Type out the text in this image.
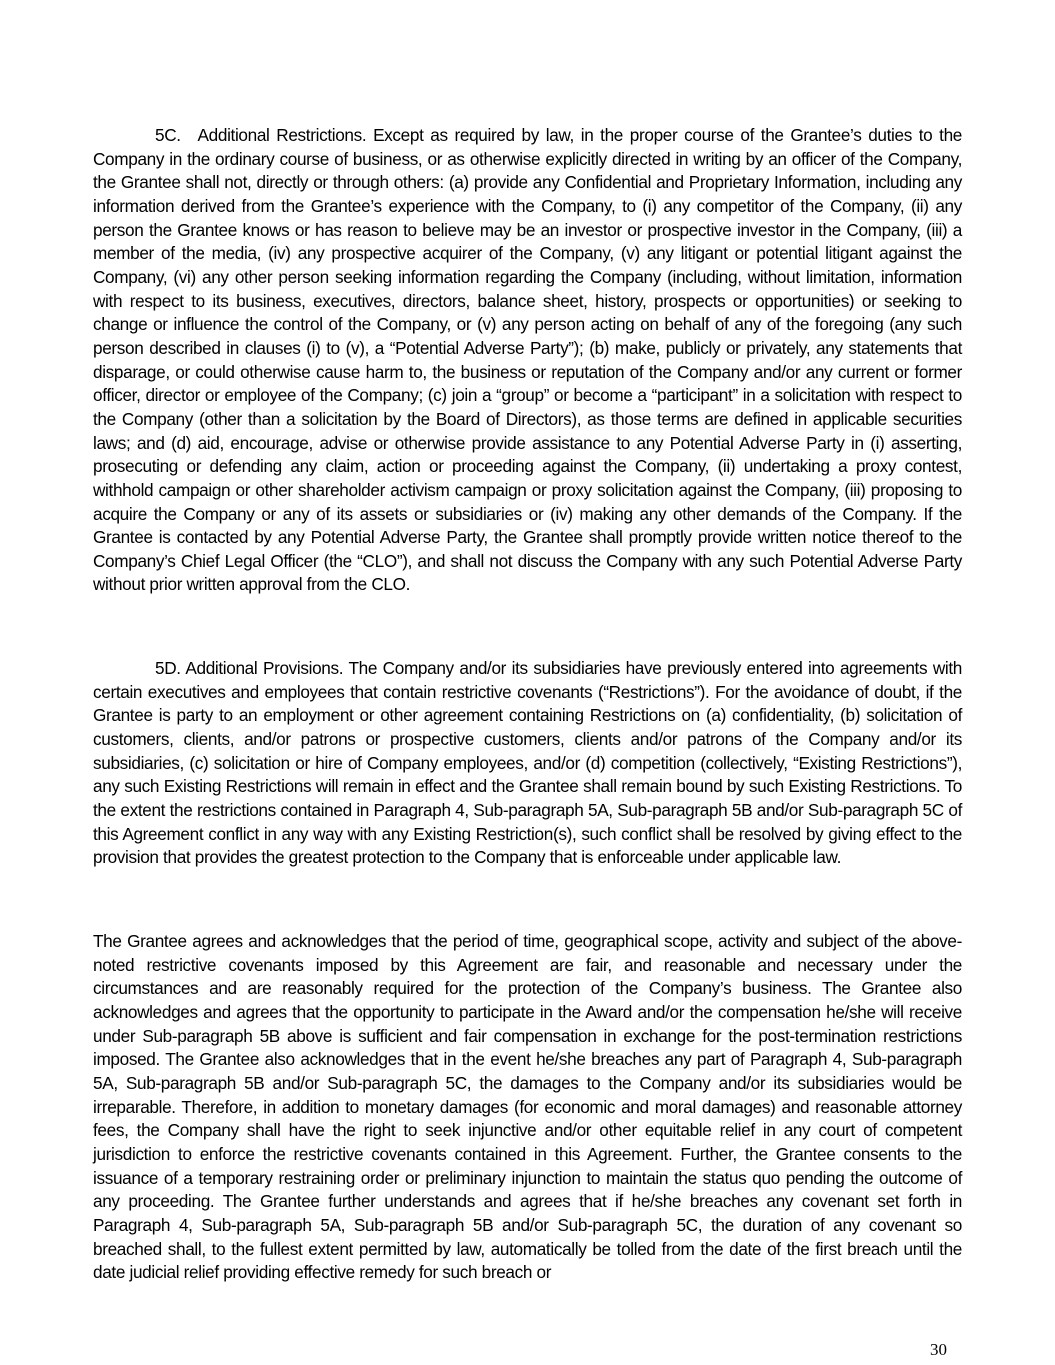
5C. Additional Restrictions. Except as required by law, in the proper course of the Grantee’s duties to the Company in the ordinary course of business, or as otherwise explicitly directed in writing by an officer of the Company, the Grantee shall not, directly or through others: (a) provide any Confidential and Proprietary Information, including any information derived from the Grantee’s experience with the Company, to (i) any competitor of the Company, (ii) any person the Grantee knows or has reason to believe may be an investor or prospective investor in the Company, (iii) a member of the media, (iv) any prospective acquirer of the Company, (v) any litigant or potential litigant against the Company, (vi) any other person seeking information regarding the Company (including, without limitation, information with respect to its business, executives, directors, balance sheet, history, prospects or opportunities) or seeking to change or influence the control of the Company, or (v) any person acting on behalf of any of the foregoing (any such person described in clauses (i) to (v), a “Potential Adverse Party”); (b) make, publicly or privately, any statements that disparage, or could otherwise cause harm to, the business or reputation of the Company and/or any current or former officer, director or employee of the Company; (c) join a “group” or become a “participant” in a solicitation with respect to the Company (other than a solicitation by the Board of Directors), as those terms are defined in applicable securities laws; and (d) aid, encourage, advise or otherwise provide assistance to any Potential Adverse Party in (i) asserting, prosecuting or defending any claim, action or proceeding against the Company, (ii) undertaking a proxy contest, withhold campaign or other shareholder activism campaign or proxy solicitation against the Company, (iii) proposing to acquire the Company or any of its assets or subsidiaries or (iv) making any other demands of the Company. If the Grantee is contacted by any Potential Adverse Party, the Grantee shall promptly provide written notice thereof to the Company’s Chief Legal Officer (the “CLO”), and shall not discuss the Company with any such Potential Adverse Party without prior written approval from the CLO.

5D. Additional Provisions. The Company and/or its subsidiaries have previously entered into agreements with certain executives and employees that contain restrictive covenants (“Restrictions”). For the avoidance of doubt, if the Grantee is party to an employment or other agreement containing Restrictions on (a) confidentiality, (b) solicitation of customers, clients, and/or patrons or prospective customers, clients and/or patrons of the Company and/or its subsidiaries, (c) solicitation or hire of Company employees, and/or (d) competition (collectively, “Existing Restrictions”), any such Existing Restrictions will remain in effect and the Grantee shall remain bound by such Existing Restrictions. To the extent the restrictions contained in Paragraph 4, Sub-paragraph 5A, Sub-paragraph 5B and/or Sub-paragraph 5C of this Agreement conflict in any way with any Existing Restriction(s), such conflict shall be resolved by giving effect to the provision that provides the greatest protection to the Company that is enforceable under applicable law.

The Grantee agrees and acknowledges that the period of time, geographical scope, activity and subject of the above-noted restrictive covenants imposed by this Agreement are fair, and reasonable and necessary under the circumstances and are reasonably required for the protection of the Company’s business. The Grantee also acknowledges and agrees that the opportunity to participate in the Award and/or the compensation he/she will receive under Sub-paragraph 5B above is sufficient and fair compensation in exchange for the post-termination restrictions imposed. The Grantee also acknowledges that in the event he/she breaches any part of Paragraph 4, Sub-paragraph 5A, Sub-paragraph 5B and/or Sub-paragraph 5C, the damages to the Company and/or its subsidiaries would be irreparable. Therefore, in addition to monetary damages (for economic and moral damages) and reasonable attorney fees, the Company shall have the right to seek injunctive and/or other equitable relief in any court of competent jurisdiction to enforce the restrictive covenants contained in this Agreement. Further, the Grantee consents to the issuance of a temporary restraining order or preliminary injunction to maintain the status quo pending the outcome of any proceeding. The Grantee further understands and agrees that if he/she breaches any covenant set forth in Paragraph 4, Sub-paragraph 5A, Sub-paragraph 5B and/or Sub-paragraph 5C, the duration of any covenant so breached shall, to the fullest extent permitted by law, automatically be tolled from the date of the first breach until the date judicial relief providing effective remedy for such breach or

30
